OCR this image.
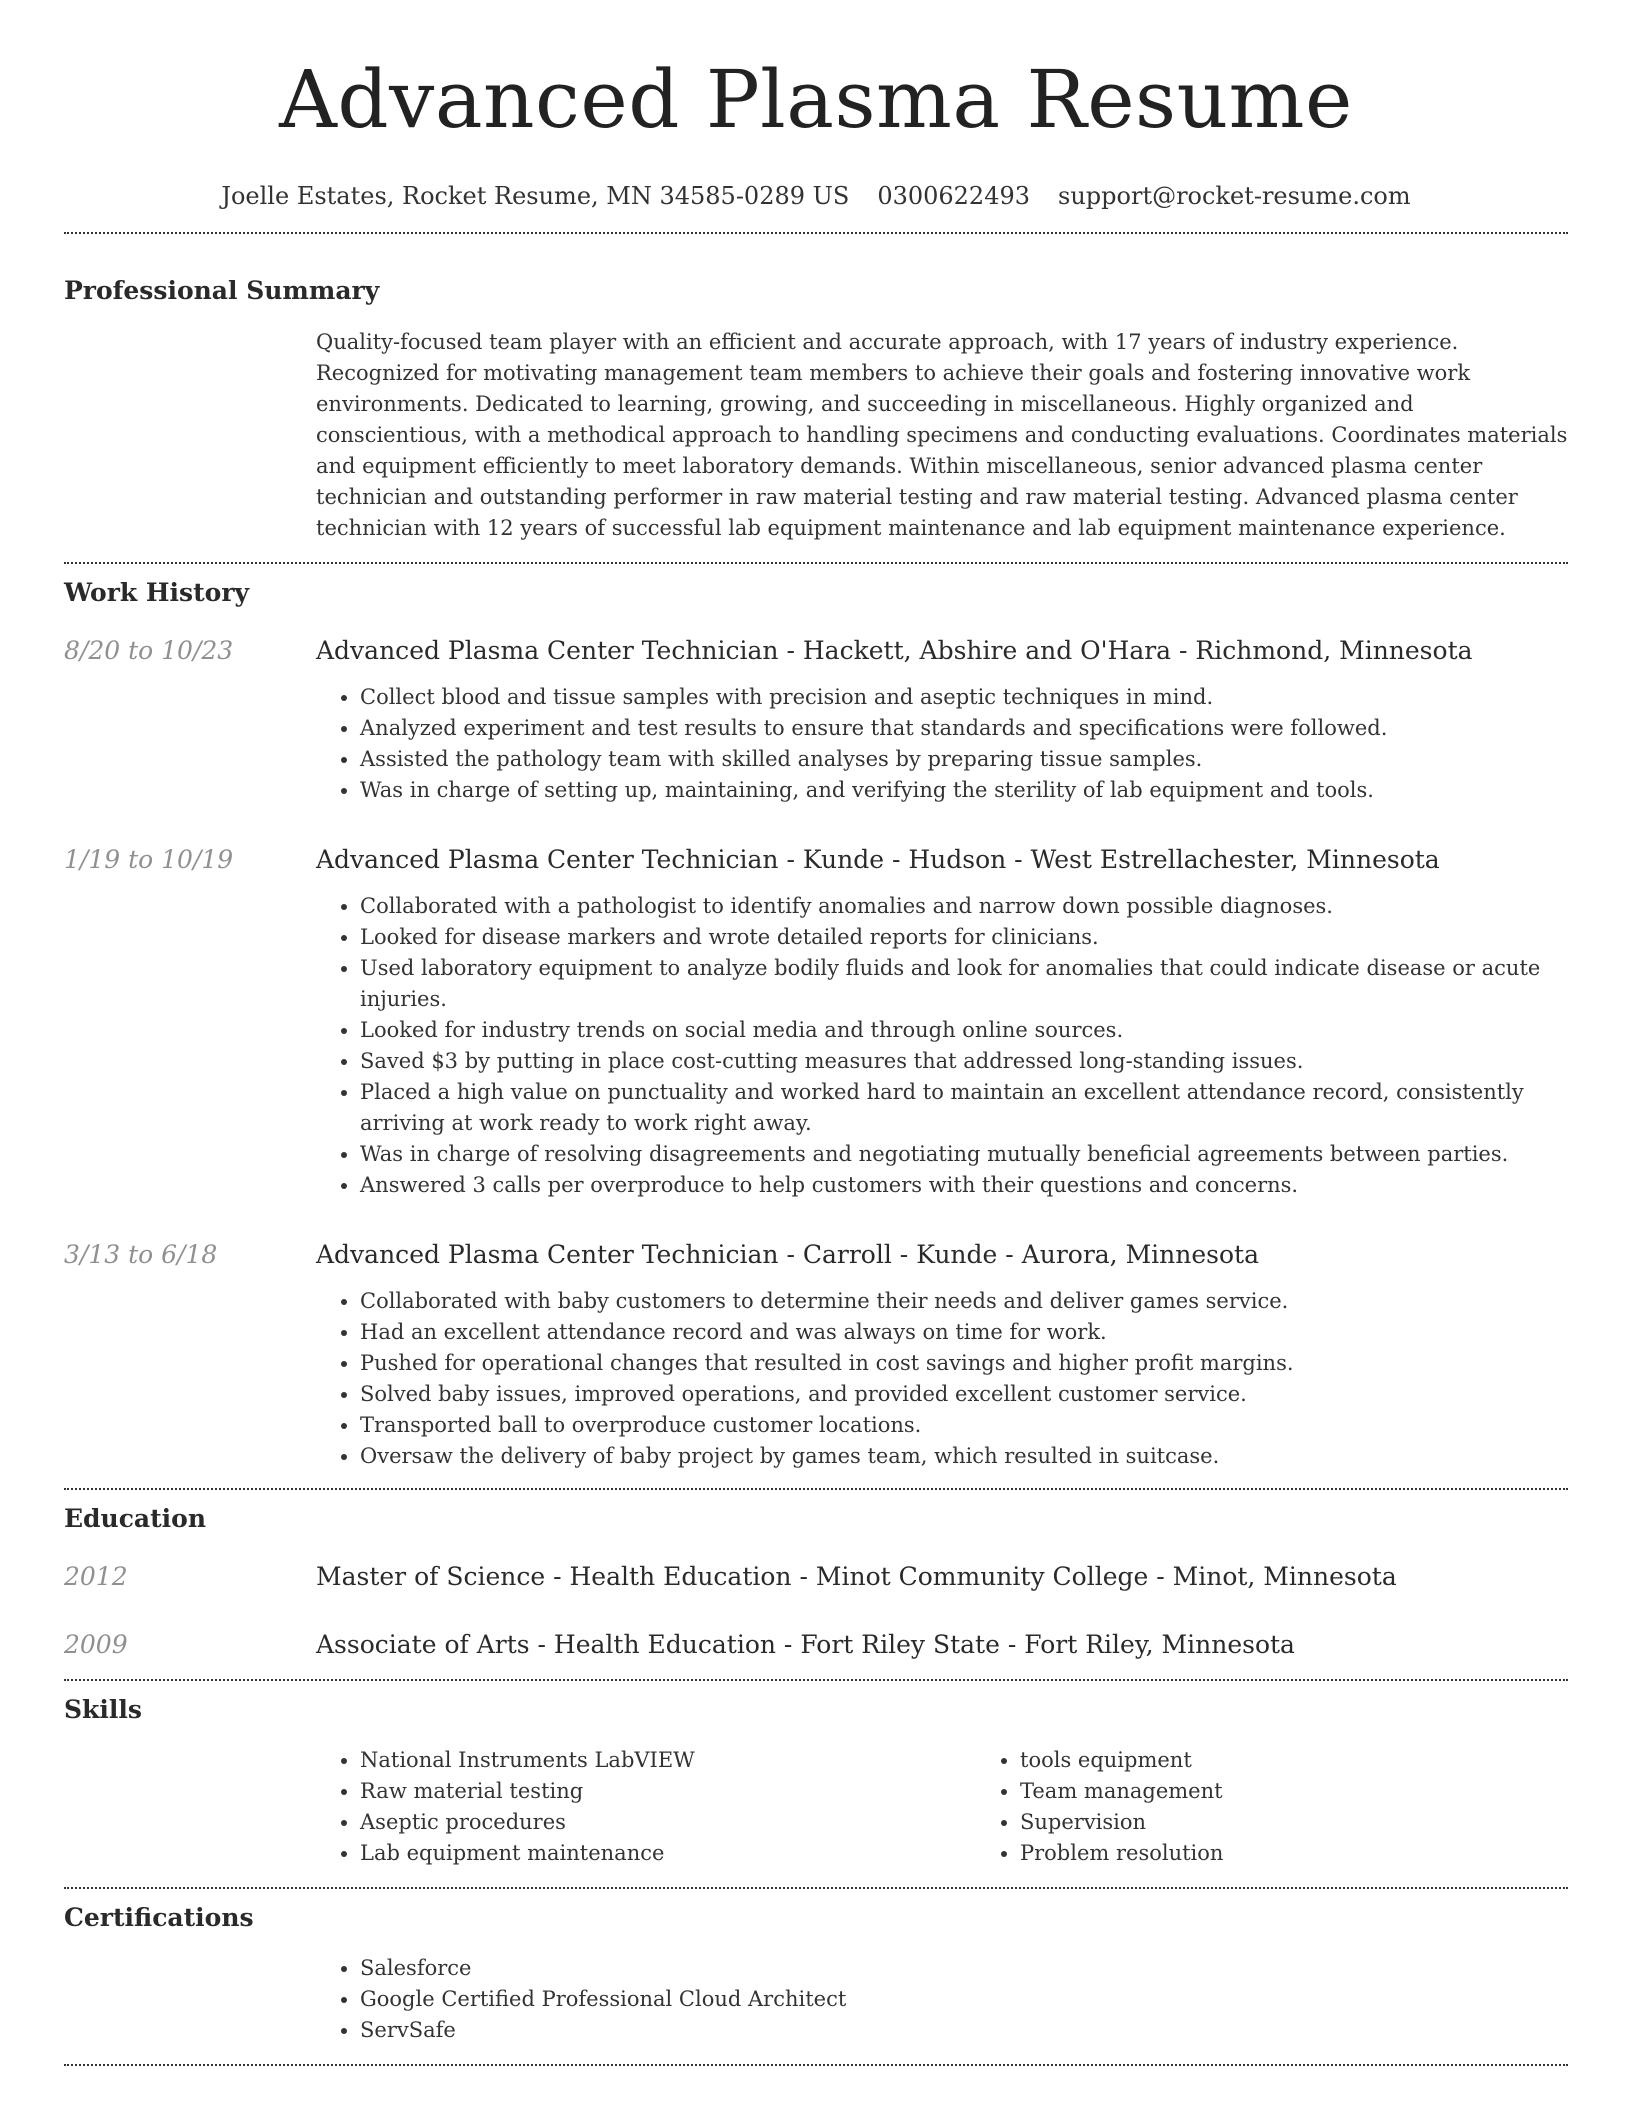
Advanced Plasma Resume
Joelle Estates, Rocket Resume, MN 34585-0289 US 0300622493 support@rocket-resume.com
Professional Summary

Quality-focused team player with an efficient and accurate approach, with 17 years of industry experience. Recognized for motivating management team members to achieve their goals and fostering innovative work environments. Dedicated to learning, growing, and succeeding in miscellaneous. Highly organized and conscientious, with a methodical approach to handling specimens and conducting evaluations. Coordinates materials and equipment efficiently to meet laboratory demands. Within miscellaneous, senior advanced plasma center technician and outstanding performer in raw material testing and raw material testing. Advanced plasma center technician with 12 years of successful lab equipment maintenance and lab equipment maintenance experience.

Work History
8/20 to 10/23	Advanced Plasma Center Technician - Hackett, Abshire and O'Hara - Richmond, Minnesota
• Collect blood and tissue samples with precision and aseptic techniques in mind.
• Analyzed experiment and test results to ensure that standards and specifications were followed.
• Assisted the pathology team with skilled analyses by preparing tissue samples.
• Was in charge of setting up, maintaining, and verifying the sterility of lab equipment and tools.
1/19 to 10/19	Advanced Plasma Center Technician - Kunde - Hudson - West Estrellachester, Minnesota
• Collaborated with a pathologist to identify anomalies and narrow down possible diagnoses.
• Looked for disease markers and wrote detailed reports for clinicians.
• Used laboratory equipment to analyze bodily fluids and look for anomalies that could indicate disease or acute injuries.
• Looked for industry trends on social media and through online sources.
• Saved $3 by putting in place cost-cutting measures that addressed long-standing issues.
• Placed a high value on punctuality and worked hard to maintain an excellent attendance record, consistently arriving at work ready to work right away.
• Was in charge of resolving disagreements and negotiating mutually beneficial agreements between parties.
• Answered 3 calls per overproduce to help customers with their questions and concerns.
3/13 to 6/18	Advanced Plasma Center Technician - Carroll - Kunde - Aurora, Minnesota
• Collaborated with baby customers to determine their needs and deliver games service.
• Had an excellent attendance record and was always on time for work.
• Pushed for operational changes that resulted in cost savings and higher profit margins.
• Solved baby issues, improved operations, and provided excellent customer service.
• Transported ball to overproduce customer locations.
• Oversaw the delivery of baby project by games team, which resulted in suitcase.
Education
2012	Master of Science - Health Education - Minot Community College - Minot, Minnesota
2009	Associate of Arts - Health Education - Fort Riley State - Fort Riley, Minnesota
Skills
• National Instruments LabVIEW
• Raw material testing
• Aseptic procedures
• Lab equipment maintenance
• tools equipment
• Team management
• Supervision
• Problem resolution
Certifications
• Salesforce
• Google Certified Professional Cloud Architect
• ServSafe
